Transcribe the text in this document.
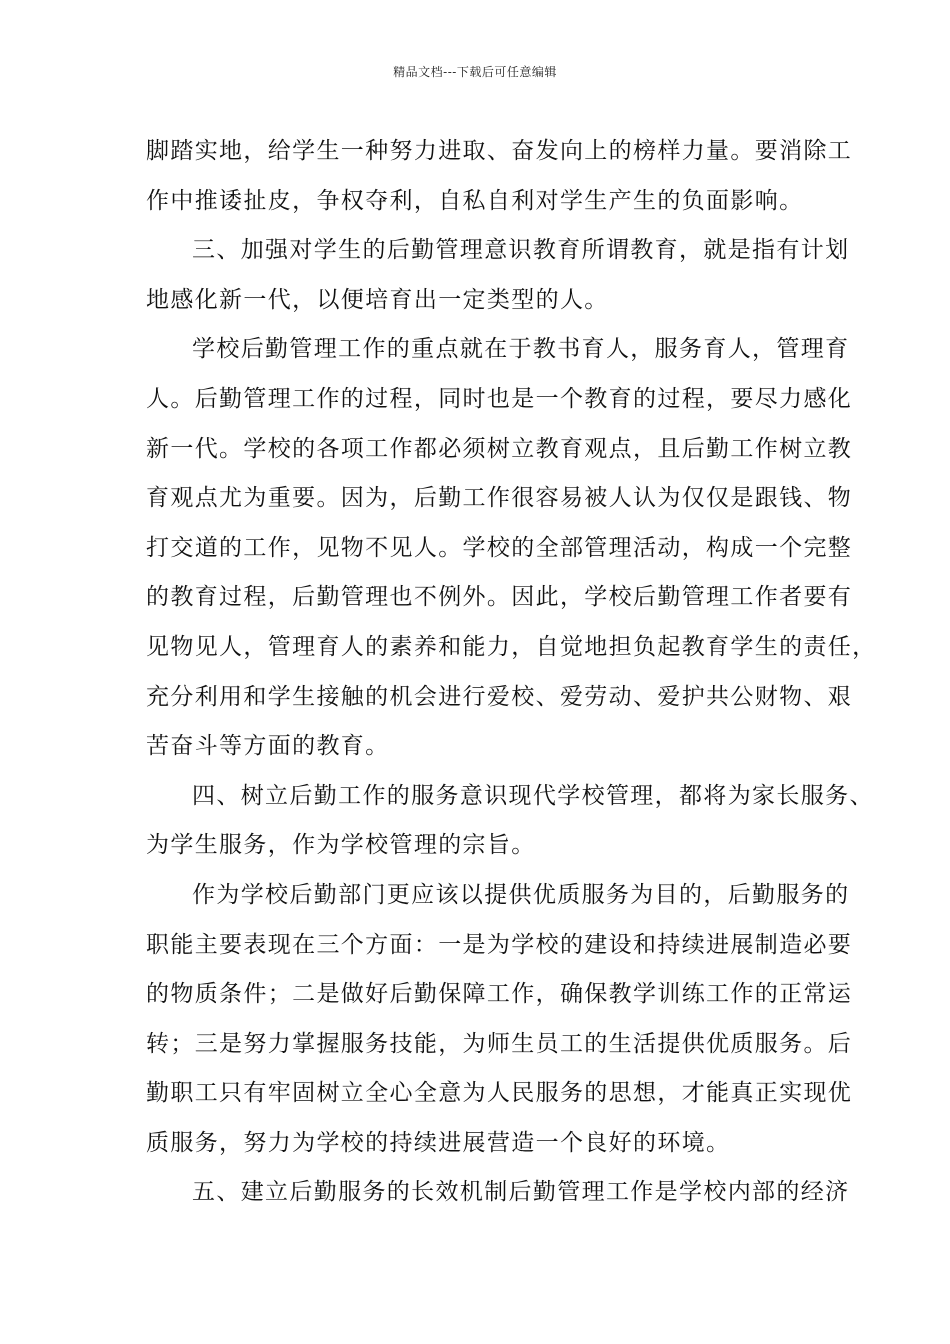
精品文档---下载后可任意编辑
脚踏实地，给学生一种努力进取、奋发向上的榜样力量。要消除工
作中推诿扯皮，争权夺利，自私自利对学生产生的负面影响。
三、加强对学生的后勤管理意识教育所谓教育，就是指有计划
地感化新一代，以便培育出一定类型的人。
学校后勤管理工作的重点就在于教书育人，服务育人，管理育
人。后勤管理工作的过程，同时也是一个教育的过程，要尽力感化
新一代。学校的各项工作都必须树立教育观点，且后勤工作树立教
育观点尤为重要。因为，后勤工作很容易被人认为仅仅是跟钱、物
打交道的工作，见物不见人。学校的全部管理活动，构成一个完整
的教育过程，后勤管理也不例外。因此，学校后勤管理工作者要有
见物见人，管理育人的素养和能力，自觉地担负起教育学生的责任，
充分利用和学生接触的机会进行爱校、爱劳动、爱护共公财物、艰
苦奋斗等方面的教育。
四、树立后勤工作的服务意识现代学校管理，都将为家长服务、
为学生服务，作为学校管理的宗旨。
作为学校后勤部门更应该以提供优质服务为目的，后勤服务的
职能主要表现在三个方面：一是为学校的建设和持续进展制造必要
的物质条件；二是做好后勤保障工作，确保教学训练工作的正常运
转；三是努力掌握服务技能，为师生员工的生活提供优质服务。后
勤职工只有牢固树立全心全意为人民服务的思想，才能真正实现优
质服务，努力为学校的持续进展营造一个良好的环境。
五、建立后勤服务的长效机制后勤管理工作是学校内部的经济
